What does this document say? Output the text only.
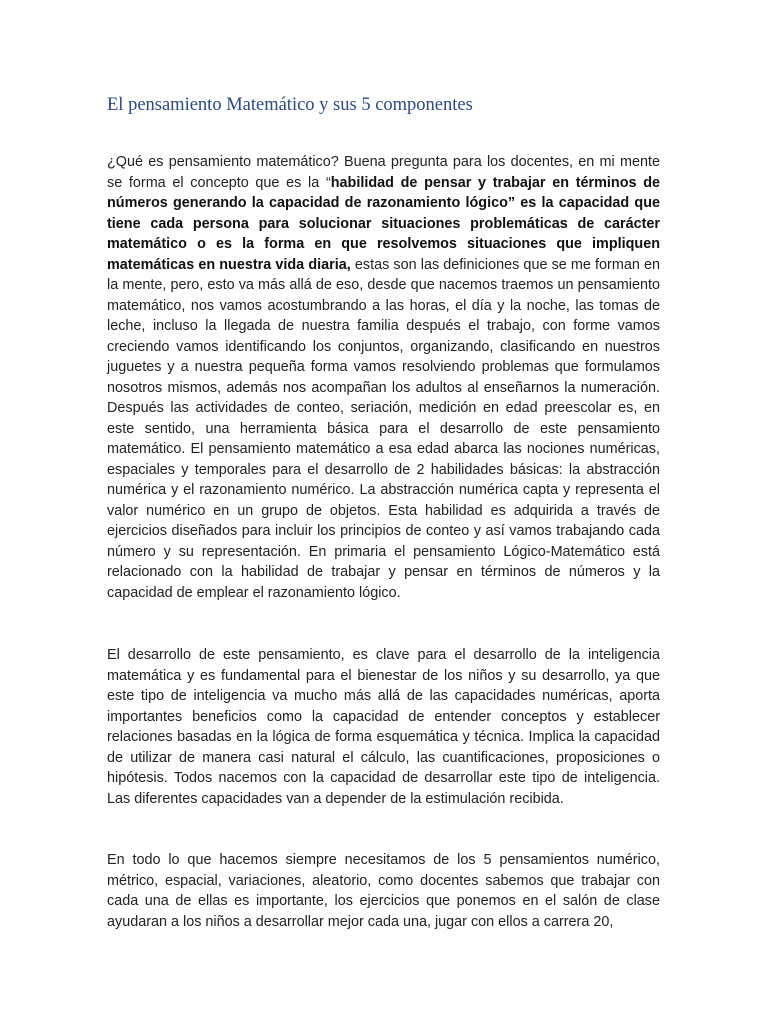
El pensamiento Matemático y sus 5 componentes

¿Qué es pensamiento matemático? Buena pregunta para los docentes, en mi mente se forma el concepto que es la “habilidad de pensar y trabajar en términos de números generando la capacidad de razonamiento lógico” es la capacidad que tiene cada persona para solucionar situaciones problemáticas de carácter matemático o es la forma en que resolvemos situaciones que impliquen matemáticas en nuestra vida diaria, estas son las definiciones que se me forman en la mente, pero, esto va más allá de eso, desde que nacemos traemos un pensamiento matemático, nos vamos acostumbrando a las horas, el día y la noche, las tomas de leche, incluso la llegada de nuestra familia después el trabajo, con forme vamos creciendo vamos identificando los conjuntos, organizando, clasificando en nuestros juguetes y a nuestra pequeña forma vamos resolviendo problemas que formulamos nosotros mismos, además nos acompañan los adultos al enseñarnos la numeración. Después las actividades de conteo, seriación, medición en edad preescolar es, en este sentido, una herramienta básica para el desarrollo de este pensamiento matemático. El pensamiento matemático a esa edad abarca las nociones numéricas, espaciales y temporales para el desarrollo de 2 habilidades básicas: la abstracción numérica y el razonamiento numérico. La abstracción numérica capta y representa el valor numérico en un grupo de objetos. Esta habilidad es adquirida a través de ejercicios diseñados para incluir los principios de conteo y así vamos trabajando cada número y su representación. En primaria el pensamiento Lógico-Matemático está relacionado con la habilidad de trabajar y pensar en términos de números y la capacidad de emplear el razonamiento lógico.

El desarrollo de este pensamiento, es clave para el desarrollo de la inteligencia matemática y es fundamental para el bienestar de los niños y su desarrollo, ya que este tipo de inteligencia va mucho más allá de las capacidades numéricas, aporta importantes beneficios como la capacidad de entender conceptos y establecer relaciones basadas en la lógica de forma esquemática y técnica. Implica la capacidad de utilizar de manera casi natural el cálculo, las cuantificaciones, proposiciones o hipótesis. Todos nacemos con la capacidad de desarrollar este tipo de inteligencia. Las diferentes capacidades van a depender de la estimulación recibida.

En todo lo que hacemos siempre necesitamos de los 5 pensamientos numérico, métrico, espacial, variaciones, aleatorio, como docentes sabemos que trabajar con cada una de ellas es importante, los ejercicios que ponemos en el salón de clase ayudaran a los niños a desarrollar mejor cada una, jugar con ellos a carrera 20,
